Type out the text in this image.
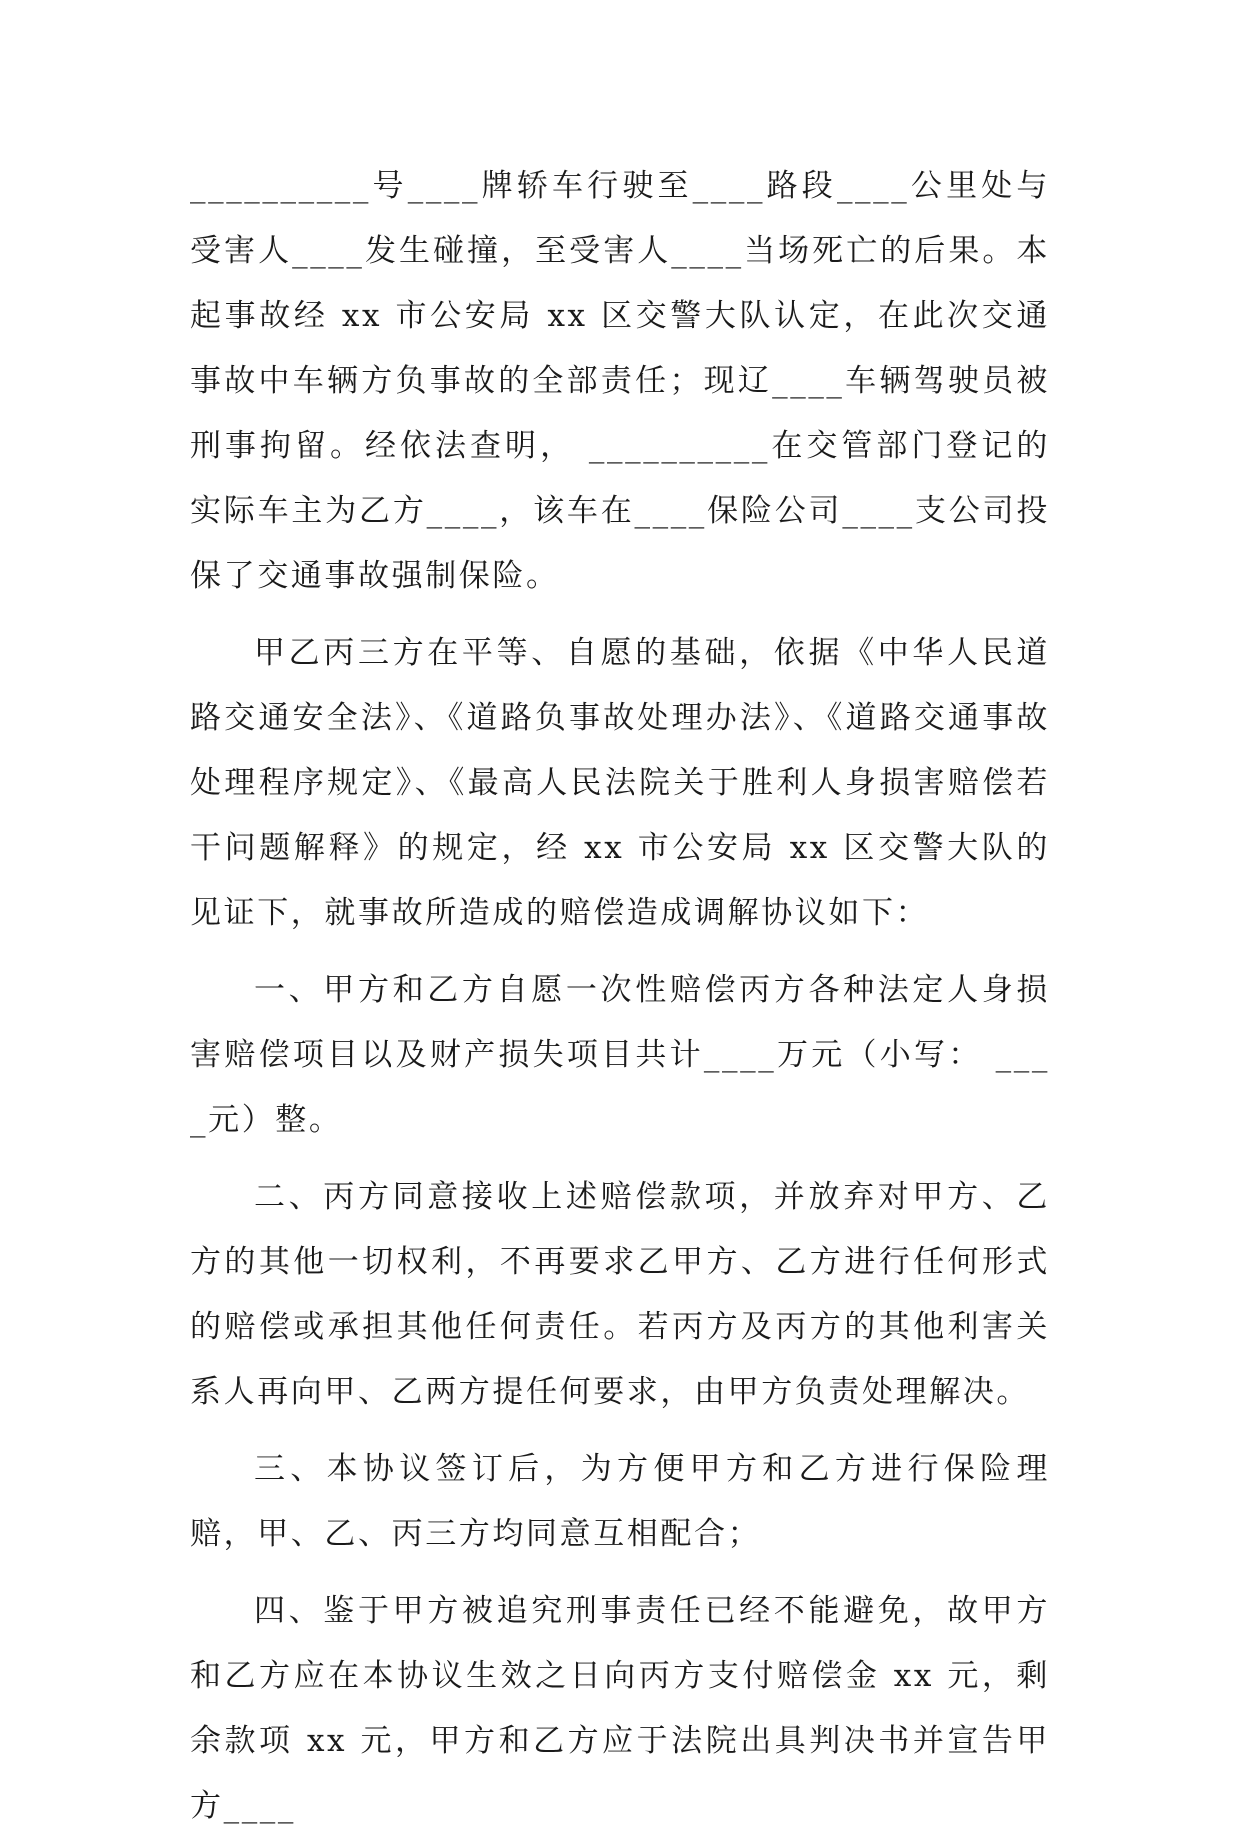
__________号____牌轿车行驶至____路段____公里处与受害人____发生碰撞，至受害人____当场死亡的后果。本起事故经 xx 市公安局 xx 区交警大队认定，在此次交通事故中车辆方负事故的全部责任；现辽____车辆驾驶员被刑事拘留。经依法查明， __________在交管部门登记的实际车主为乙方____，该车在____保险公司____支公司投保了交通事故强制保险。

甲乙丙三方在平等、自愿的基础，依据《中华人民道路交通安全法》、《道路负事故处理办法》、《道路交通事故处理程序规定》、《最高人民法院关于胜利人身损害赔偿若干问题解释》的规定，经 xx 市公安局 xx 区交警大队的见证下，就事故所造成的赔偿造成调解协议如下：

一、甲方和乙方自愿一次性赔偿丙方各种法定人身损害赔偿项目以及财产损失项目共计____万元（小写： ____元）整。

二、丙方同意接收上述赔偿款项，并放弃对甲方、乙方的其他一切权利，不再要求乙甲方、乙方进行任何形式的赔偿或承担其他任何责任。若丙方及丙方的其他利害关系人再向甲、乙两方提任何要求，由甲方负责处理解决。

三、本协议签订后，为方便甲方和乙方进行保险理赔，甲、乙、丙三方均同意互相配合；

四、鉴于甲方被追究刑事责任已经不能避免，故甲方和乙方应在本协议生效之日向丙方支付赔偿金 xx 元，剩余款项 xx 元，甲方和乙方应于法院出具判决书并宣告甲方____
